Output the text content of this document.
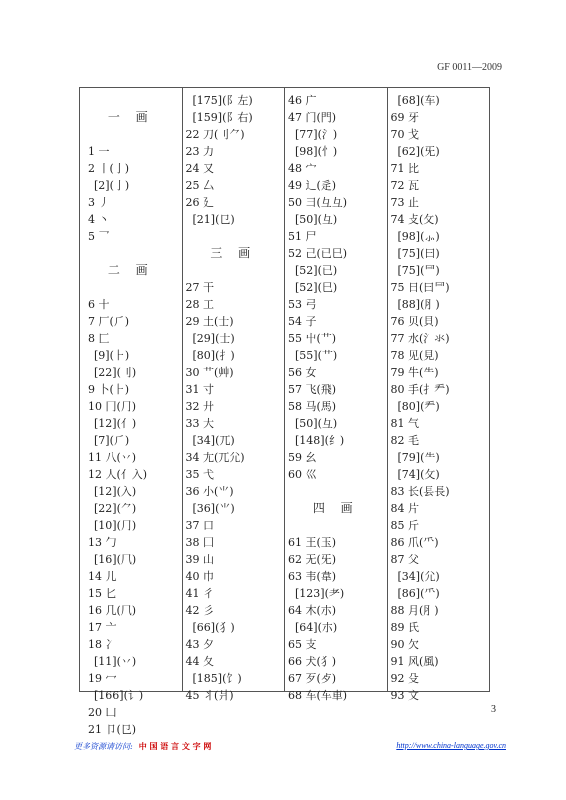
GF 0011—2009
一 画
1 一
2 丨(亅)
[2](亅)
3 丿
4 丶
5 乛
二 画
6 十
7 厂(⺁)
8 匚
[9](⺊)
[22](刂)
9 卜(⺊)
10 冂(⺆)
[12](亻)
[7](⺁)
11 八(丷)
12 人(亻入)
[12](入)
[22](⺈)
[10](⺆)
13 勹
[16](⺇)
14 儿
15 匕
16 几(⺇)
17 亠
18 冫
[11](丷)
19 冖
[166](讠)
20 凵
21 卩(㔾)
[175](阝左)
[159](阝右)
22 刀(刂⺈)
23 力
24 又
25 厶
26 廴
[21](㔾)
三 画
27 干
28 工
29 土(士)
[29](士)
[80](扌)
30 艹(艸)
31 寸
32 廾
33 大
[34](兀)
34 尢(兀尣)
35 弋
36 小(⺌)
[36](⺌)
37 口
38 囗
39 山
40 巾
41 彳
42 彡
[66](犭)
43 夕
44 夂
[185](饣)
45 丬(爿)
46 广
47 门(門)
[77](氵)
[98](忄)
48 宀
49 辶(辵)
50 彐(彑彑)
[50](彑)
51 尸
52 己(已巳)
[52](已)
[52](巳)
53 弓
54 子
55 屮(⺾)
[55](⺾)
56 女
57 飞(飛)
58 马(馬)
[50](彑)
[148](纟)
59 幺
60 巛
四 画
61 王(玉)
62 无(旡)
63 韦(韋)
[123](⺹)
64 木(朩)
[64](朩)
65 支
66 犬(犭)
67 歹(歺)
68 车(⻋車)
[68](⻋)
69 牙
70 戈
[62](旡)
71 比
72 瓦
73 止
74 攴(攵)
[98](⺗)
[75](曰)
[75](⺜)
75 日(曰⺜)
[88](⺼)
76 贝(貝)
77 水(氵氺)
78 见(見)
79 牛(⺧)
80 手(扌龵)
[80](龵)
81 气
82 毛
[79](⺧)
[74](攵)
83 长(镸長)
84 片
85 斤
86 爪(⺥)
87 父
[34](尣)
[86](⺥)
88 月(⺼)
89 氏
90 欠
91 风(風)
92 殳
93 文
3
更多资源请访问: 中 国 语 言 文 字 网	http://www.china-language.gov.cn
